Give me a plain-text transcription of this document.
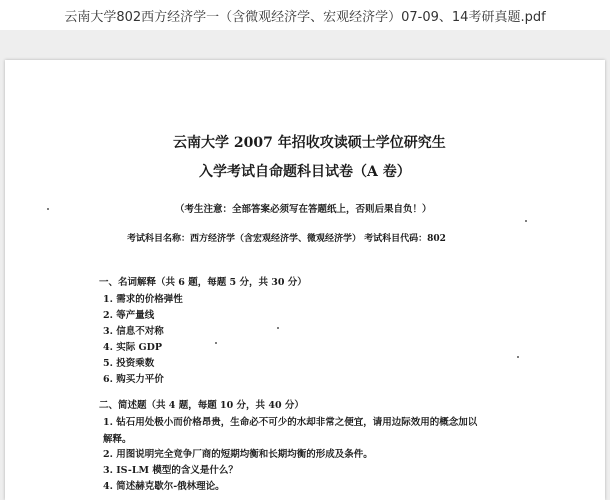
云南大学802西方经济学一（含微观经济学、宏观经济学）07-09、14考研真题.pdf
云南大学 2007 年招收攻读硕士学位研究生
入学考试自命题科目试卷（A 卷）
（考生注意：全部答案必须写在答题纸上，否则后果自负！）
考试科目名称：西方经济学（含宏观经济学、微观经济学） 考试科目代码：802
一、名词解释（共 6 题，每题 5 分，共 30 分）
1. 需求的价格弹性
2. 等产量线
3. 信息不对称
4. 实际 GDP
5. 投资乘数
6. 购买力平价
二、简述题（共 4 题，每题 10 分，共 40 分）
1. 钻石用处极小而价格昂贵，生命必不可少的水却非常之便宜，请用边际效用的概念加以
解释。
2. 用图说明完全竞争厂商的短期均衡和长期均衡的形成及条件。
3. IS-LM 模型的含义是什么？
4. 简述赫克歇尔-俄林理论。
